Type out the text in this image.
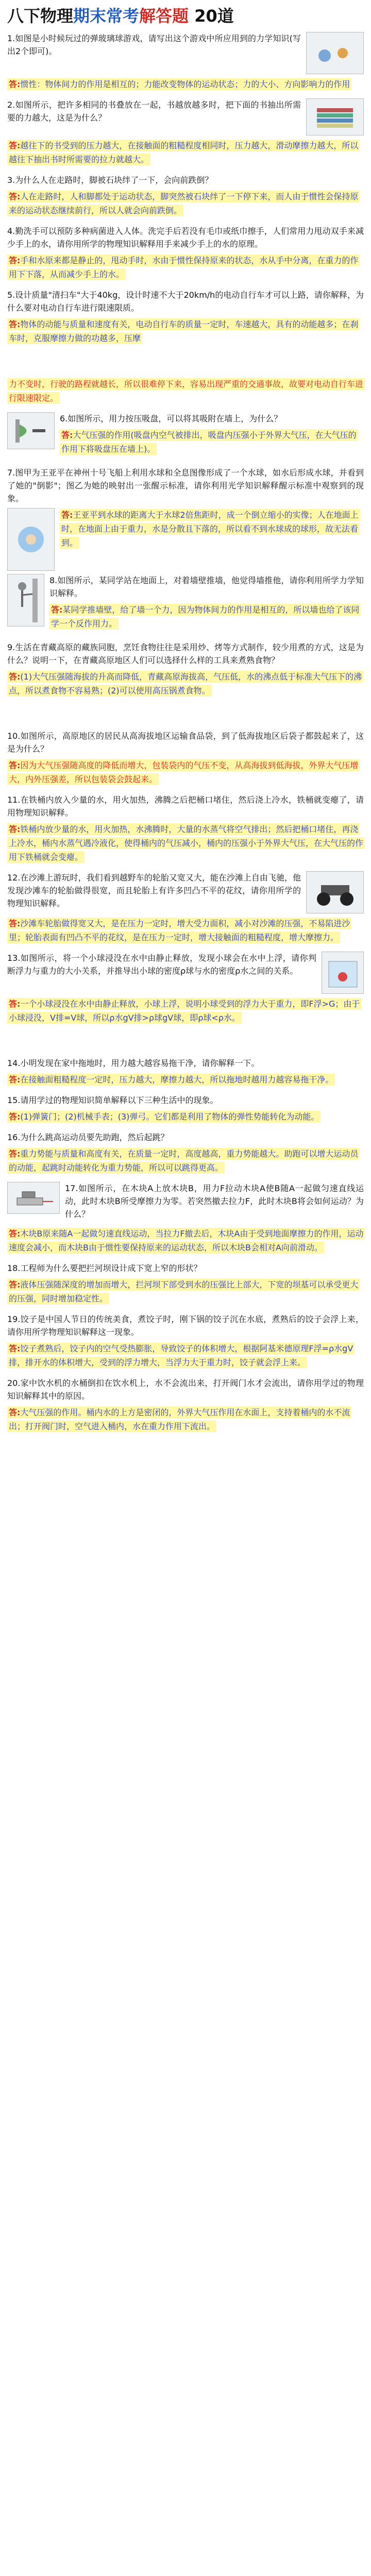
八下物理期末常考解答题 20道

1.如图是小时候玩过的弹玻璃球游戏，请写出这个游戏中所应用到的力学知识(写出2个即可)。

答:惯性：物体间力的作用是相互的；力能改变物体的运动状态；力的大小、方向影响力的作用

2.如图所示，把许多相同的书叠放在一起，书越放越多时，把下面的书抽出所需要的力越大，这是为什么？

答:越往下的书受到的压力越大，在接触面的粗糙程度相同时，压力越大，滑动摩擦力越大，所以越往下抽出书时所需要的拉力就越大。

3.为什么人在走路时，脚被石块绊了一下，会向前跌倒？

答:人在走路时，人和脚都处于运动状态，脚突然被石块绊了一下停下来，而人由于惯性会保持原来的运动状态继续前行，所以人就会向前跌倒。

4.勤洗手可以预防多种病菌进入人体。洗完手后若没有毛巾或纸巾擦手，人们常用力甩动双手来减少手上的水，请你用所学的物理知识解释用手来减少手上的水的原理。

答:手和水原来都是静止的，甩动手时，水由于惯性保持原来的状态，水从手中分离，在重力的作用下下落，从而减少手上的水。

5.设计质量"清扫车"大于40kg，设计时速不大于20km/h的电动自行车才可以上路，请你解释，为什么要对电动自行车进行限速限质。

答:物体的动能与质量和速度有关，电动自行车的质量一定时，车速越大，具有的动能越多；在刹车时，克服摩擦力做的功越多，压摩
力不变时，行驶的路程就越长，所以很难停下来，容易出现严重的交通事故，故要对电动自行车进行限速限定。

6.如图所示，用力按压吸盘，可以将其吸附在墙上，为什么？

答:大气压强的作用(吸盘内空气被排出，吸盘内压强小于外界大气压，在大气压的作用下将吸盘压在墙上)。

7.图甲为王亚平在神州十号飞船上利用水球和全息图像形成了一个水球，如水后形成水球，并看到了她的"倒影"；图乙为她的映射出一张醒示标准，请你利用光学知识解释醒示标准中观察到的现象。

答:王亚平到水球的距离大于水球2倍焦距时，成一个倒立缩小的实像；人在地面上时，在地面上由于重力，水是分散且下落的，所以看不到水球成的球形，故无法看到。

8.如图所示，某同学站在地面上，对着墙壁推墙，他觉得墙推他，请你利用所学力学知识解释。

答:某同学推墙壁，给了墙一个力，因为物体间力的作用是相互的，所以墙也给了该同学一个反作用力。

9.生活在青藏高原的藏族同胞，烹饪食物往往是采用炒、烤等方式制作，较少用煮的方式，这是为什么？说明一下，在青藏高原地区人们可以选择什么样的工具来煮熟食物？

答:(1)大气压强随海拔的升高而降低，青藏高原海拔高，气压低，水的沸点低于标准大气压下的沸点，所以煮食物不容易熟；(2)可以使用高压锅煮食物。

10.如图所示，高原地区的居民从高海拔地区运输食品袋，到了低海拔地区后袋子都鼓起来了，这是为什么？

答:因为大气压强随高度的降低而增大，包装袋内的气压不变，从高海拔到低海拔，外界大气压增大，内外压强差，所以包装袋会鼓起来。

11.在铁桶内放入少量的水，用火加热，沸腾之后把桶口堵住，然后浇上冷水，铁桶就变瘪了，请用物理知识解释。

答:铁桶内放少量的水，用火加热，水沸腾时，大量的水蒸气将空气排出；然后把桶口堵住，再浇上冷水，桶内水蒸气遇冷液化，使得桶内的气压减小，桶内的压强小于外界大气压，在大气压的作用下铁桶就会变瘪。

12.在沙滩上游玩时，我们看到越野车的轮胎又宽又大，能在沙滩上自由飞驰，他发现沙滩车的轮胎做得很宽，而且轮胎上有许多凹凸不平的花纹，请你用所学的物理知识解释。

答:沙滩车轮胎做得宽又大，是在压力一定时，增大受力面积，减小对沙滩的压强，不易陷进沙里；轮胎表面有凹凸不平的花纹，是在压力一定时，增大接触面的粗糙程度，增大摩擦力。

13.如图所示，将一个小球浸没在水中由静止释放，发现小球会在水中上浮，请你判断浮力与重力的大小关系，并推导出小球的密度ρ球与水的密度ρ水之间的关系。

答:一个小球浸没在水中由静止释放，小球上浮，说明小球受到的浮力大于重力，即F浮>G；由于小球浸没，V排=V球，所以ρ水gV排>ρ球gV球，即ρ球<ρ水。

14.小明发现在家中拖地时，用力越大越容易拖干净，请你解释一下。

答:在接触面粗糙程度一定时，压力越大，摩擦力越大，所以拖地时越用力越容易拖干净。

15.请用学过的物理知识简单解释以下三种生活中的现象。

答:(1)弹簧门；(2)机械手表；(3)弹弓。它们都是利用了物体的弹性势能转化为动能。

16.为什么跳高运动员要先助跑，然后起跳？

答:重力势能与质量和高度有关，在质量一定时，高度越高，重力势能越大。助跑可以增大运动员的动能，起跳时动能转化为重力势能，所以可以跳得更高。

17.如图所示，在木块A上放木块B，用力F拉动木块A使B随A一起做匀速直线运动，此时木块B所受摩擦力为零。若突然撤去拉力F，此时木块B将会如何运动？为什么？

答:木块B原来随A一起做匀速直线运动，当拉力F撤去后，木块A由于受到地面摩擦力的作用，运动速度会减小，而木块B由于惯性要保持原来的运动状态，所以木块B会相对A向前滑动。

18.工程师为什么要把拦河坝设计成下宽上窄的形状？

答:液体压强随深度的增加而增大，拦河坝下部受到水的压强比上部大，下宽的坝基可以承受更大的压强，同时增加稳定性。

19.饺子是中国人节日的传统美食，煮饺子时，刚下锅的饺子沉在水底，煮熟后的饺子会浮上来，请你用所学物理知识解释这一现象。

答:饺子煮熟后，饺子内的空气受热膨胀，导致饺子的体积增大，根据阿基米德原理F浮=ρ水gV排，排开水的体积增大，受到的浮力增大，当浮力大于重力时，饺子就会浮上来。

20.家中饮水机的水桶倒扣在饮水机上，水不会流出来，打开阀门水才会流出，请你用学过的物理知识解释其中的原因。

答:大气压强的作用。桶内水的上方是密闭的，外界大气压作用在水面上，支持着桶内的水不流出；打开阀门时，空气进入桶内，水在重力作用下流出。
